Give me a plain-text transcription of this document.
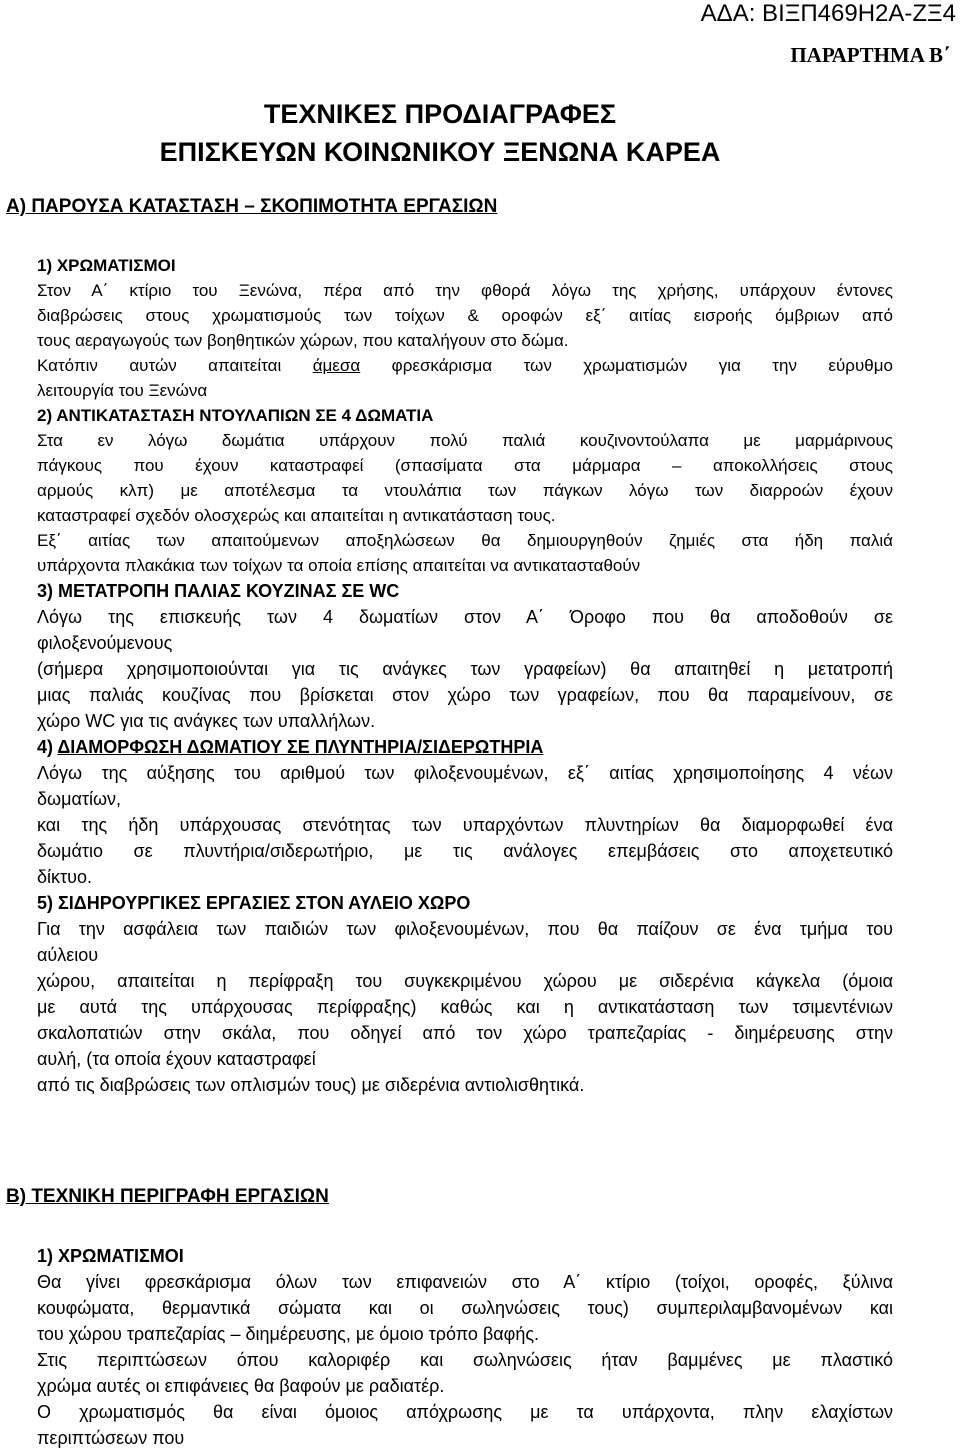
ΑΔΑ: ΒΙΞΠ469Η2Α-ΖΞ4
ΠΑΡΑΡΤΗΜΑ Β΄
ΤΕΧΝΙΚΕΣ ΠΡΟΔΙΑΓΡΑΦΕΣ
ΕΠΙΣΚΕΥΩΝ ΚΟΙΝΩΝΙΚΟΥ ΞΕΝΩΝΑ ΚΑΡΕΑ
Α) ΠΑΡΟΥΣΑ ΚΑΤΑΣΤΑΣΗ – ΣΚΟΠΙΜΟΤΗΤΑ ΕΡΓΑΣΙΩΝ

1) ΧΡΩΜΑΤΙΣΜΟΙ

Στον Α΄ κτίριο του Ξενώνα, πέρα από την φθορά λόγω της χρήσης, υπάρχουν έντονες

διαβρώσεις στους χρωματισμούς των τοίχων & οροφών εξ΄ αιτίας εισροής όμβριων από

τους αεραγωγούς των βοηθητικών χώρων, που καταλήγουν στο δώμα.

Κατόπιν αυτών απαιτείται άμεσα φρεσκάρισμα των χρωματισμών για την εύρυθμο

λειτουργία του Ξενώνα

2) ΑΝΤΙΚΑΤΑΣΤΑΣΗ ΝΤΟΥΛΑΠΙΩΝ ΣΕ 4 ΔΩΜΑΤΙΑ

Στα εν λόγω δωμάτια υπάρχουν πολύ παλιά κουζινοντούλαπα με μαρμάρινους

πάγκους που έχουν καταστραφεί (σπασίματα στα μάρμαρα – αποκολλήσεις στους

αρμούς κλπ) με αποτέλεσμα τα ντουλάπια των πάγκων λόγω των διαρροών έχουν

καταστραφεί σχεδόν ολοσχερώς και απαιτείται η αντικατάσταση τους.

Εξ΄ αιτίας των απαιτούμενων αποξηλώσεων θα δημιουργηθούν ζημιές στα ήδη παλιά

υπάρχοντα πλακάκια των τοίχων τα οποία επίσης απαιτείται να αντικατασταθούν

3) ΜΕΤΑΤΡΟΠΗ ΠΑΛΙΑΣ ΚΟΥΖΙΝΑΣ ΣΕ WC

Λόγω της επισκευής των 4 δωματίων στον Α΄ Όροφο που θα αποδοθούν σε

φιλοξενούμενους

(σήμερα χρησιμοποιούνται για τις ανάγκες των γραφείων) θα απαιτηθεί η μετατροπή

μιας παλιάς κουζίνας που βρίσκεται στον χώρο των γραφείων, που θα παραμείνουν, σε

χώρο WC για τις ανάγκες των υπαλλήλων.

4) ΔΙΑΜΟΡΦΩΣΗ ΔΩΜΑΤΙΟΥ ΣΕ ΠΛΥΝΤΗΡΙΑ/ΣΙΔΕΡΩΤΗΡΙΑ

Λόγω της αύξησης του αριθμού των φιλοξενουμένων, εξ΄ αιτίας χρησιμοποίησης 4 νέων

δωματίων,

και της ήδη υπάρχουσας στενότητας των υπαρχόντων πλυντηρίων θα διαμορφωθεί ένα

δωμάτιο σε πλυντήρια/σιδερωτήριο, με τις ανάλογες επεμβάσεις στο αποχετευτικό

δίκτυο.

5) ΣΙΔΗΡΟΥΡΓΙΚΕΣ ΕΡΓΑΣΙΕΣ ΣΤΟΝ ΑΥΛΕΙΟ ΧΩΡΟ

Για την ασφάλεια των παιδιών των φιλοξενουμένων, που θα παίζουν σε ένα τμήμα του

αύλειου

χώρου, απαιτείται η περίφραξη του συγκεκριμένου χώρου με σιδερένια κάγκελα (όμοια

με αυτά της υπάρχουσας περίφραξης) καθώς και η αντικατάσταση των τσιμεντένιων

σκαλοπατιών στην σκάλα, που οδηγεί από τον χώρο τραπεζαρίας - διημέρευσης στην

αυλή, (τα οποία έχουν καταστραφεί

από τις διαβρώσεις των οπλισμών τους) με σιδερένια αντιολισθητικά.

Β) ΤΕΧΝΙΚΗ ΠΕΡΙΓΡΑΦΗ ΕΡΓΑΣΙΩΝ

1) ΧΡΩΜΑΤΙΣΜΟΙ

Θα γίνει φρεσκάρισμα όλων των επιφανειών στο Α΄ κτίριο (τοίχοι, οροφές, ξύλινα

κουφώματα, θερμαντικά σώματα και οι σωληνώσεις τους) συμπεριλαμβανομένων και

του χώρου τραπεζαρίας – διημέρευσης, με όμοιο τρόπο βαφής.

Στις περιπτώσεων όπου καλοριφέρ και σωληνώσεις ήταν βαμμένες με πλαστικό

χρώμα αυτές οι επιφάνειες θα βαφούν με ραδιατέρ.

Ο χρωματισμός θα είναι όμοιος απόχρωσης με τα υπάρχοντα, πλην ελαχίστων

περιπτώσεων που
